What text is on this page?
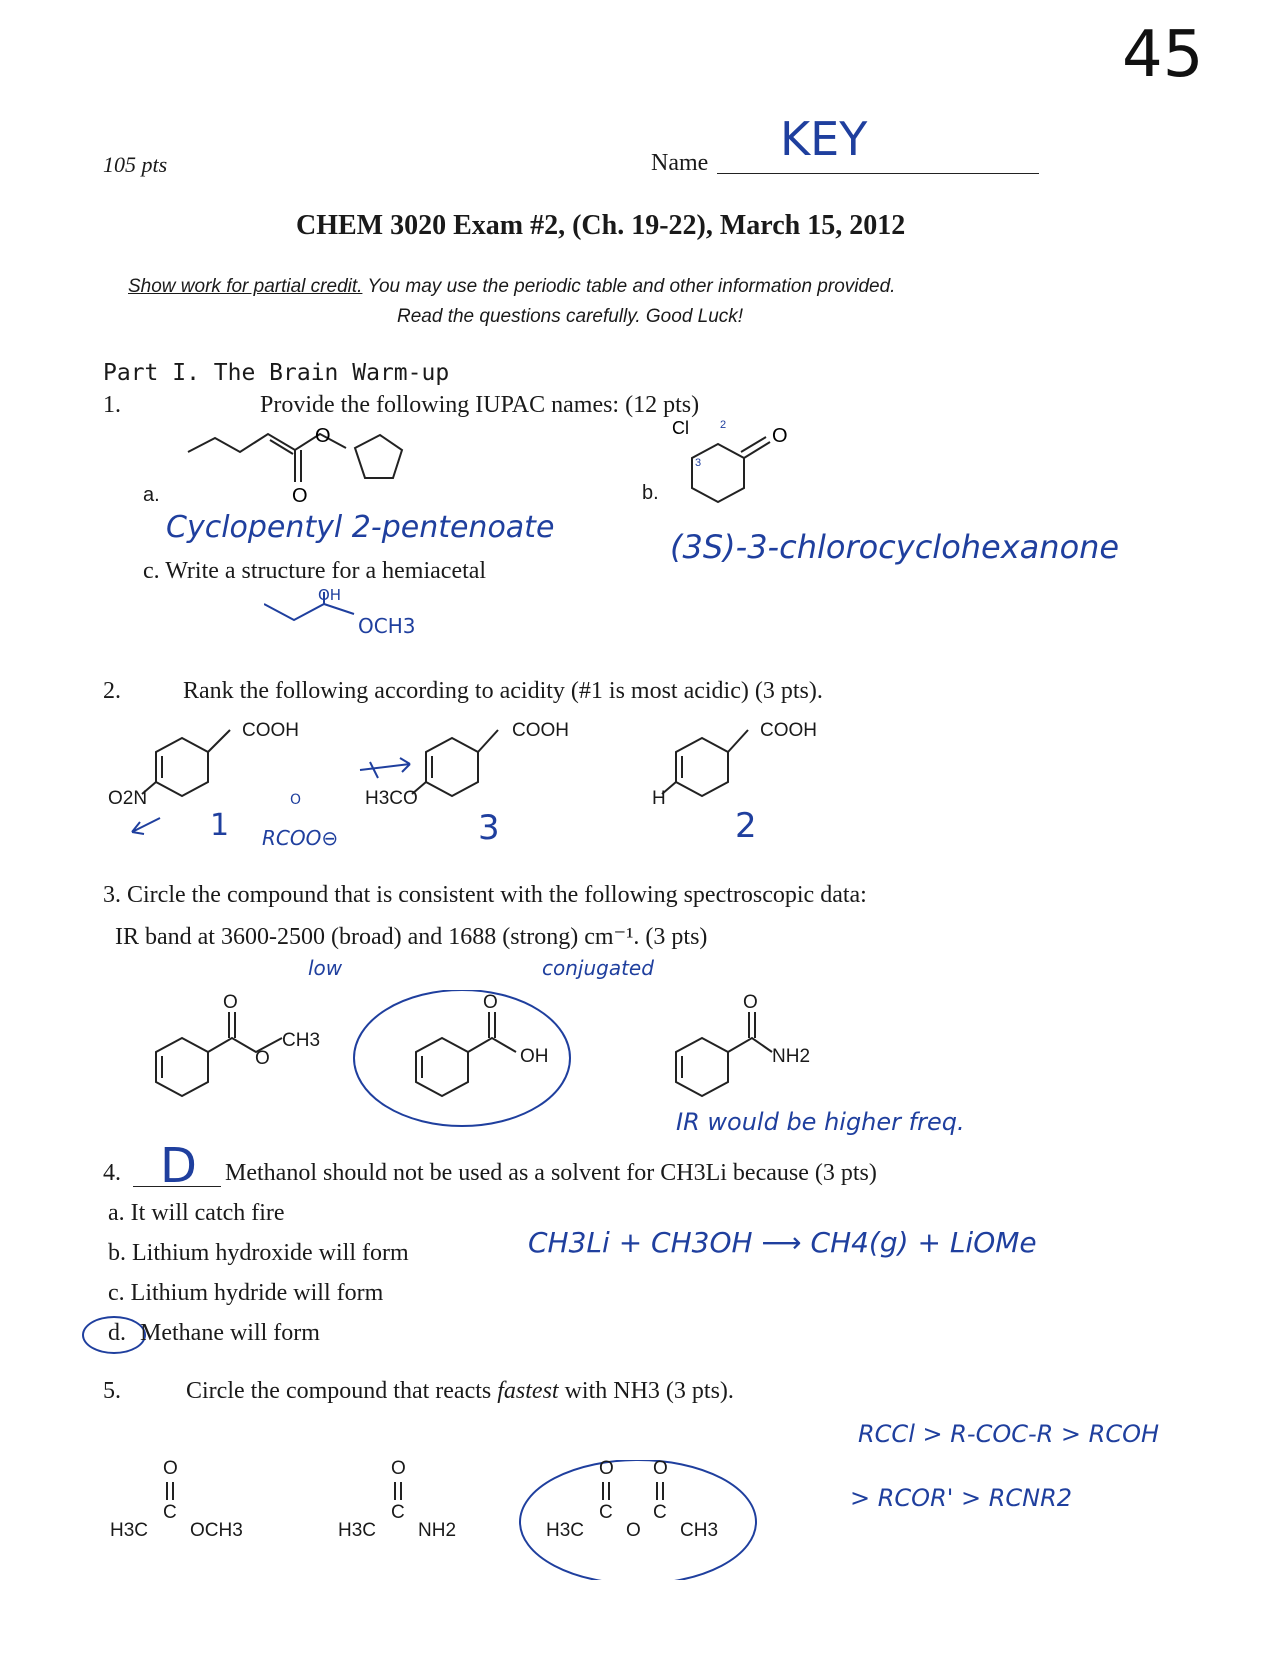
45
105 pts	Name KEY
CHEM 3020 Exam #2, (Ch. 19-22), March 15, 2012
Show work for partial credit. You may use the periodic table and other information provided.
Read the questions carefully. Good Luck!
Part I. The Brain Warm-up
1.	Provide the following IUPAC names: (12 pts)
O
O
a.
O
Cl	2
3
b.
Cyclopentyl 2-pentenoate
(3S)-3-chlorocyclohexanone
c. Write a structure for a hemiacetal
OH
OCH3
2.	Rank the following according to acidity (#1 is most acidic) (3 pts).
COOH	COOH	COOH
O2N	H3CO	H
1	3	2
O
RCOO⊖
3. Circle the compound that is consistent with the following spectroscopic data:
IR band at 3600-2500 (broad) and 1688 (strong) cm⁻¹. (3 pts)
low	conjugated
O
O
CH3
O
OH
O
NH2
IR would be higher freq.
4. D Methanol should not be used as a solvent for CH3Li because (3 pts)
a. It will catch fire
b. Lithium hydroxide will form
c. Lithium hydride will form
d. Methane will form
CH3Li + CH3OH ⟶ CH4(g) + LiOMe
5.	Circle the compound that reacts fastest with NH3 (3 pts).
O
C
H3C OCH3
O
C
H3C NH2
O O
C C
H3C O CH3
RCCl > R-COC-R > RCOH
> RCOR' > RCNR2
